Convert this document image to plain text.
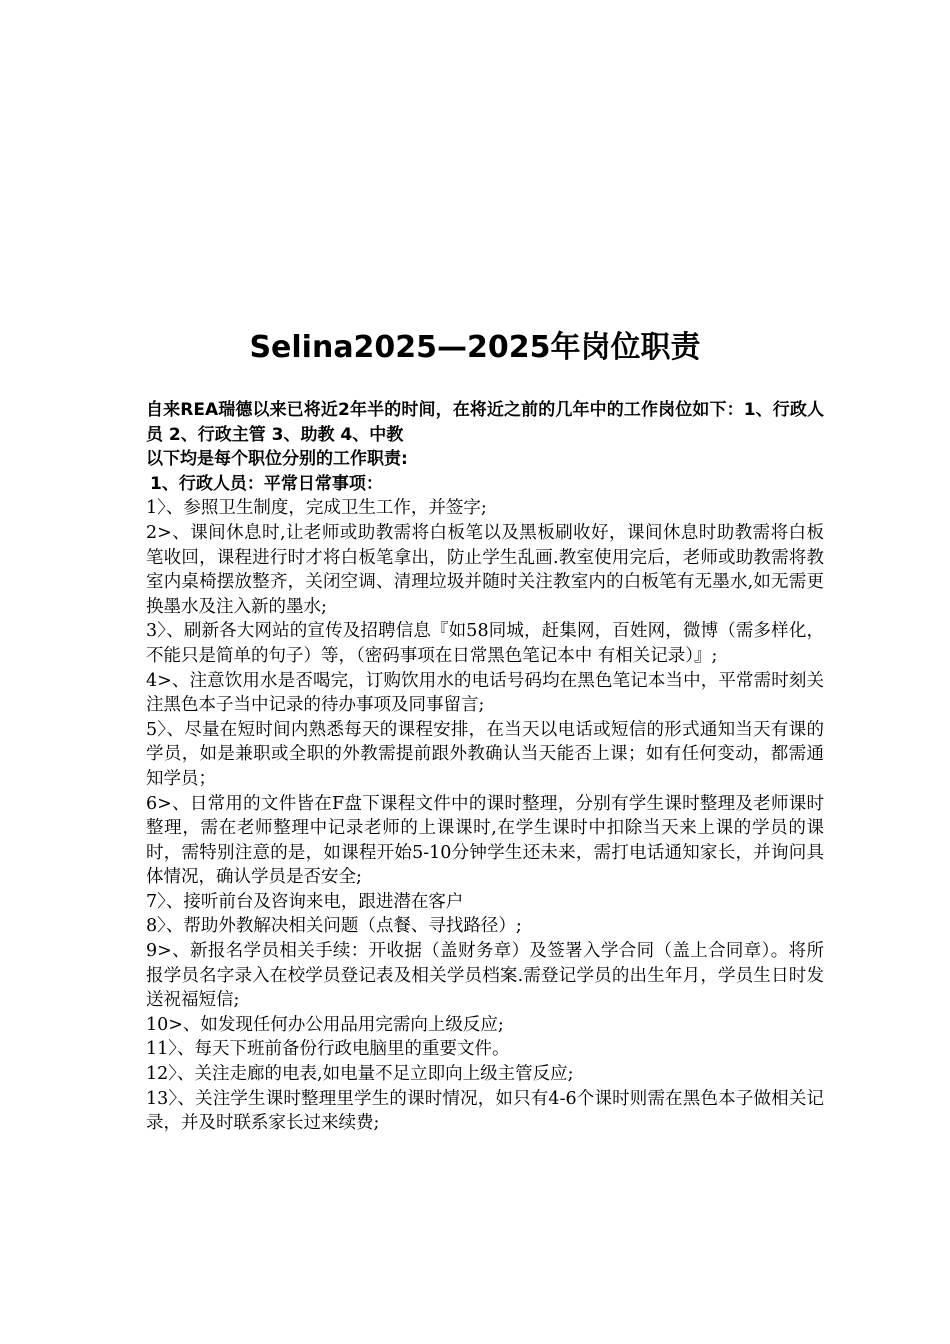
Selina2025—2025年岗位职责

自来REA瑞德以来已将近2年半的时间，在将近之前的几年中的工作岗位如下：1、行政人员 2、行政主管 3、助教 4、中教

以下均是每个职位分别的工作职责:

1、行政人员：平常日常事项：

1〉、参照卫生制度，完成卫生工作，并签字;

2>、课间休息时,让老师或助教需将白板笔以及黑板刷收好，课间休息时助教需将白板笔收回，课程进行时才将白板笔拿出，防止学生乱画.教室使用完后，老师或助教需将教室内桌椅摆放整齐，关闭空调、清理垃圾并随时关注教室内的白板笔有无墨水,如无需更换墨水及注入新的墨水;

3〉、刷新各大网站的宣传及招聘信息『如58同城，赶集网，百姓网，微博（需多样化，不能只是简单的句子）等，（密码事项在日常黑色笔记本中 有相关记录）』;

4>、注意饮用水是否喝完，订购饮用水的电话号码均在黑色笔记本当中，平常需时刻关注黑色本子当中记录的待办事项及同事留言;

5〉、尽量在短时间内熟悉每天的课程安排，在当天以电话或短信的形式通知当天有课的学员，如是兼职或全职的外教需提前跟外教确认当天能否上课；如有任何变动，都需通知学员；

6>、日常用的文件皆在F盘下课程文件中的课时整理，分别有学生课时整理及老师课时整理，需在老师整理中记录老师的上课课时,在学生课时中扣除当天来上课的学员的课时，需特别注意的是，如课程开始5-10分钟学生还未来，需打电话通知家长，并询问具体情况，确认学员是否安全;

7〉、接听前台及咨询来电，跟进潜在客户

8〉、帮助外教解决相关问题（点餐、寻找路径）;

9>、新报名学员相关手续：开收据（盖财务章）及签署入学合同（盖上合同章）。将所报学员名字录入在校学员登记表及相关学员档案.需登记学员的出生年月，学员生日时发送祝福短信;

10>、如发现任何办公用品用完需向上级反应;

11〉、每天下班前备份行政电脑里的重要文件。

12〉、关注走廊的电表,如电量不足立即向上级主管反应;

13〉、关注学生课时整理里学生的课时情况，如只有4-6个课时则需在黑色本子做相关记录，并及时联系家长过来续费;
